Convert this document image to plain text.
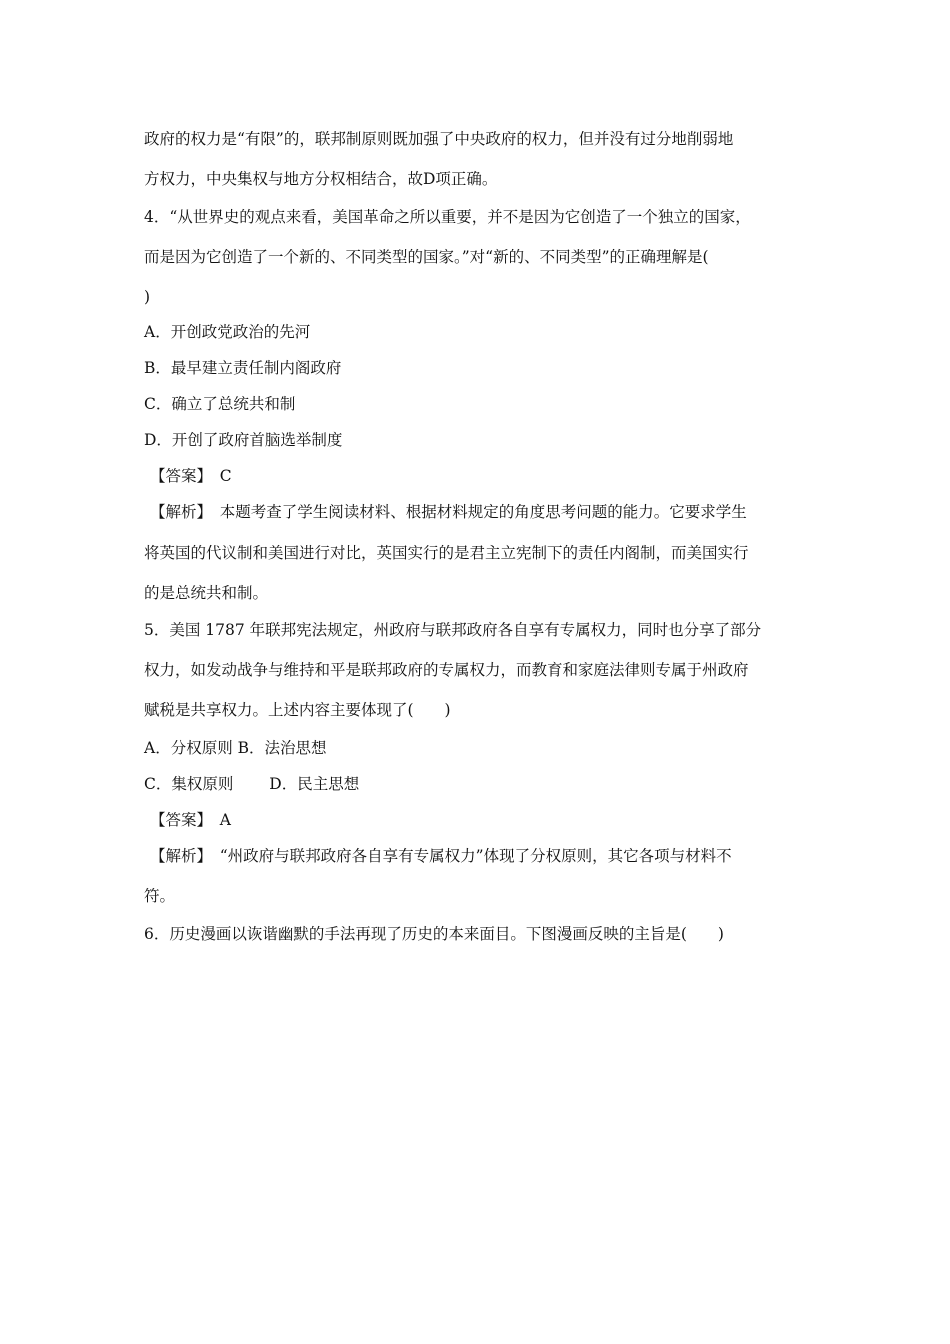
政府的权力是“有限”的，联邦制原则既加强了中央政府的权力，但并没有过分地削弱地
方权力，中央集权与地方分权相结合，故D项正确。
4．“从世界史的观点来看，美国革命之所以重要，并不是因为它创造了一个独立的国家，
而是因为它创造了一个新的、不同类型的国家。”对“新的、不同类型”的正确理解是(
)
A．开创政党政治的先河
B．最早建立责任制内阁政府
C．确立了总统共和制
D．开创了政府首脑选举制度
【答案】　C
【解析】　本题考查了学生阅读材料、根据材料规定的角度思考问题的能力。它要求学生
将英国的代议制和美国进行对比，英国实行的是君主立宪制下的责任内阁制，而美国实行
的是总统共和制。
5．美国 1787 年联邦宪法规定，州政府与联邦政府各自享有专属权力，同时也分享了部分
权力，如发动战争与维持和平是联邦政府的专属权力，而教育和家庭法律则专属于州政府
赋税是共享权力。上述内容主要体现了(　　)
A．分权原则 B．法治思想
C．集权原则　　 D．民主思想
【答案】　A
【解析】　“州政府与联邦政府各自享有专属权力”体现了分权原则，其它各项与材料不
符。
6．历史漫画以诙谐幽默的手法再现了历史的本来面目。下图漫画反映的主旨是(　　)
